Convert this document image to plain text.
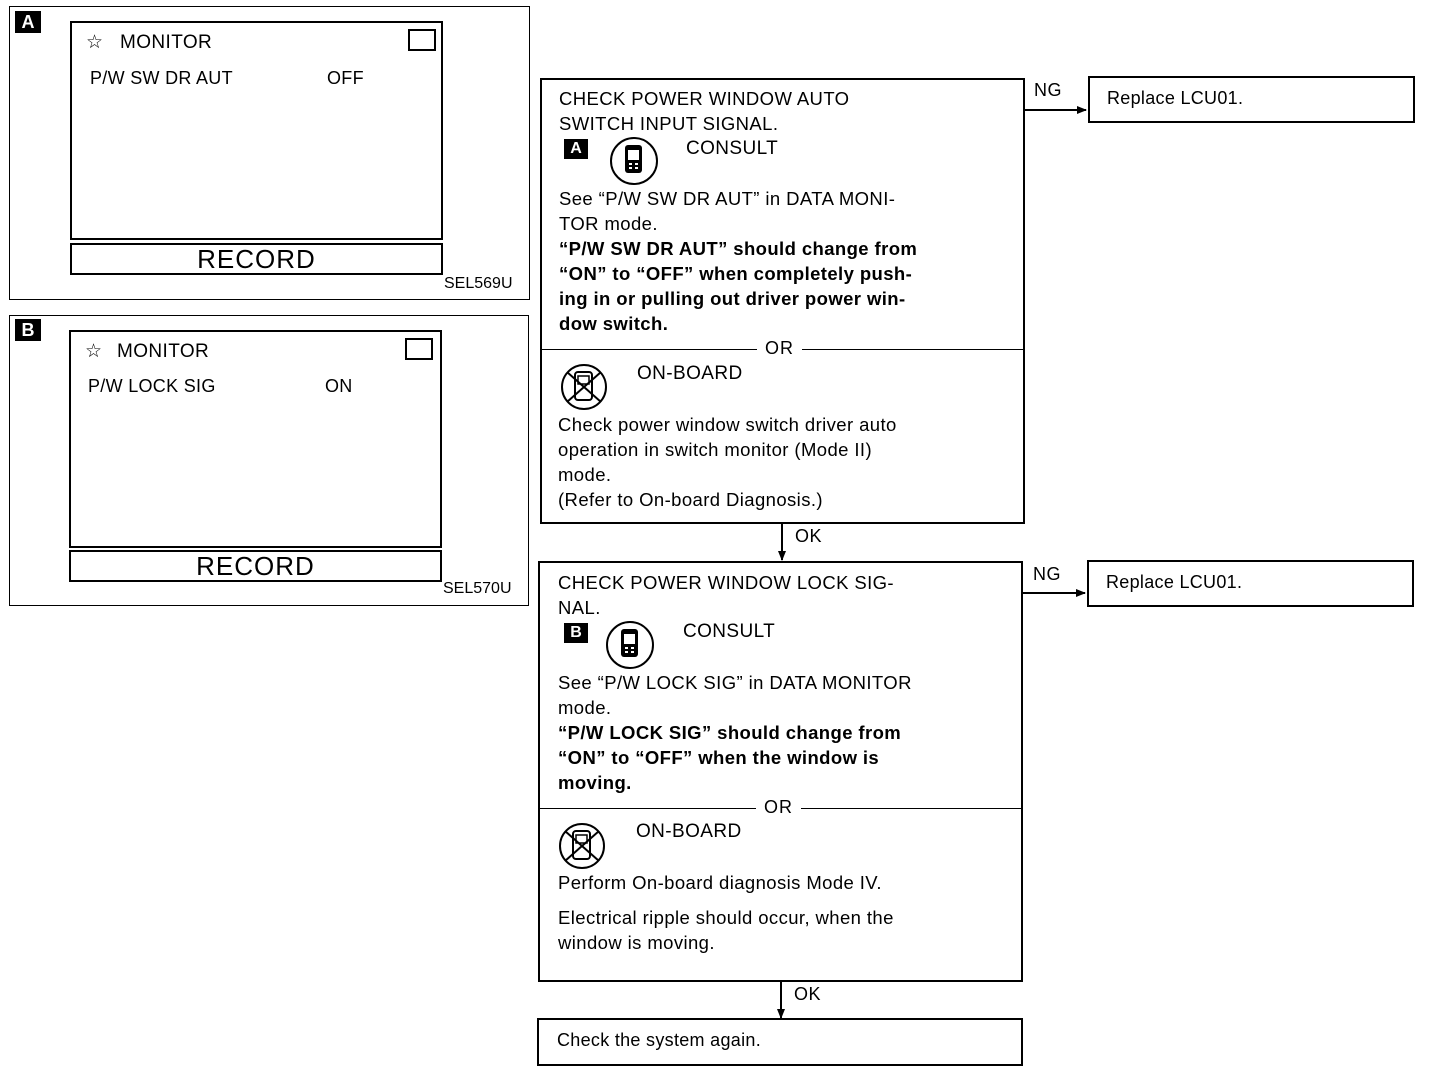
A
☆ MONITOR
P/W SW DR AUT	OFF
RECORD
SEL569U
B
☆ MONITOR
P/W LOCK SIG	ON
RECORD
SEL570U
CHECK POWER WINDOW AUTO
SWITCH INPUT SIGNAL.
A	CONSULT
See “P/W SW DR AUT” in DATA MONI-
TOR mode.
“P/W SW DR AUT” should change from
“ON” to “OFF” when completely push-
ing in or pulling out driver power win-
dow switch.
OR
ON-BOARD
Check power window switch driver auto
operation in switch monitor (Mode II)
mode.
(Refer to On-board Diagnosis.)
NG	Replace LCU01.
OK
CHECK POWER WINDOW LOCK SIG-
NAL.
B	CONSULT
See “P/W LOCK SIG” in DATA MONITOR
mode.
“P/W LOCK SIG” should change from
“ON” to “OFF” when the window is
moving.
OR
ON-BOARD
Perform On-board diagnosis Mode IV.
Electrical ripple should occur, when the
window is moving.
NG	Replace LCU01.
OK
Check the system again.
